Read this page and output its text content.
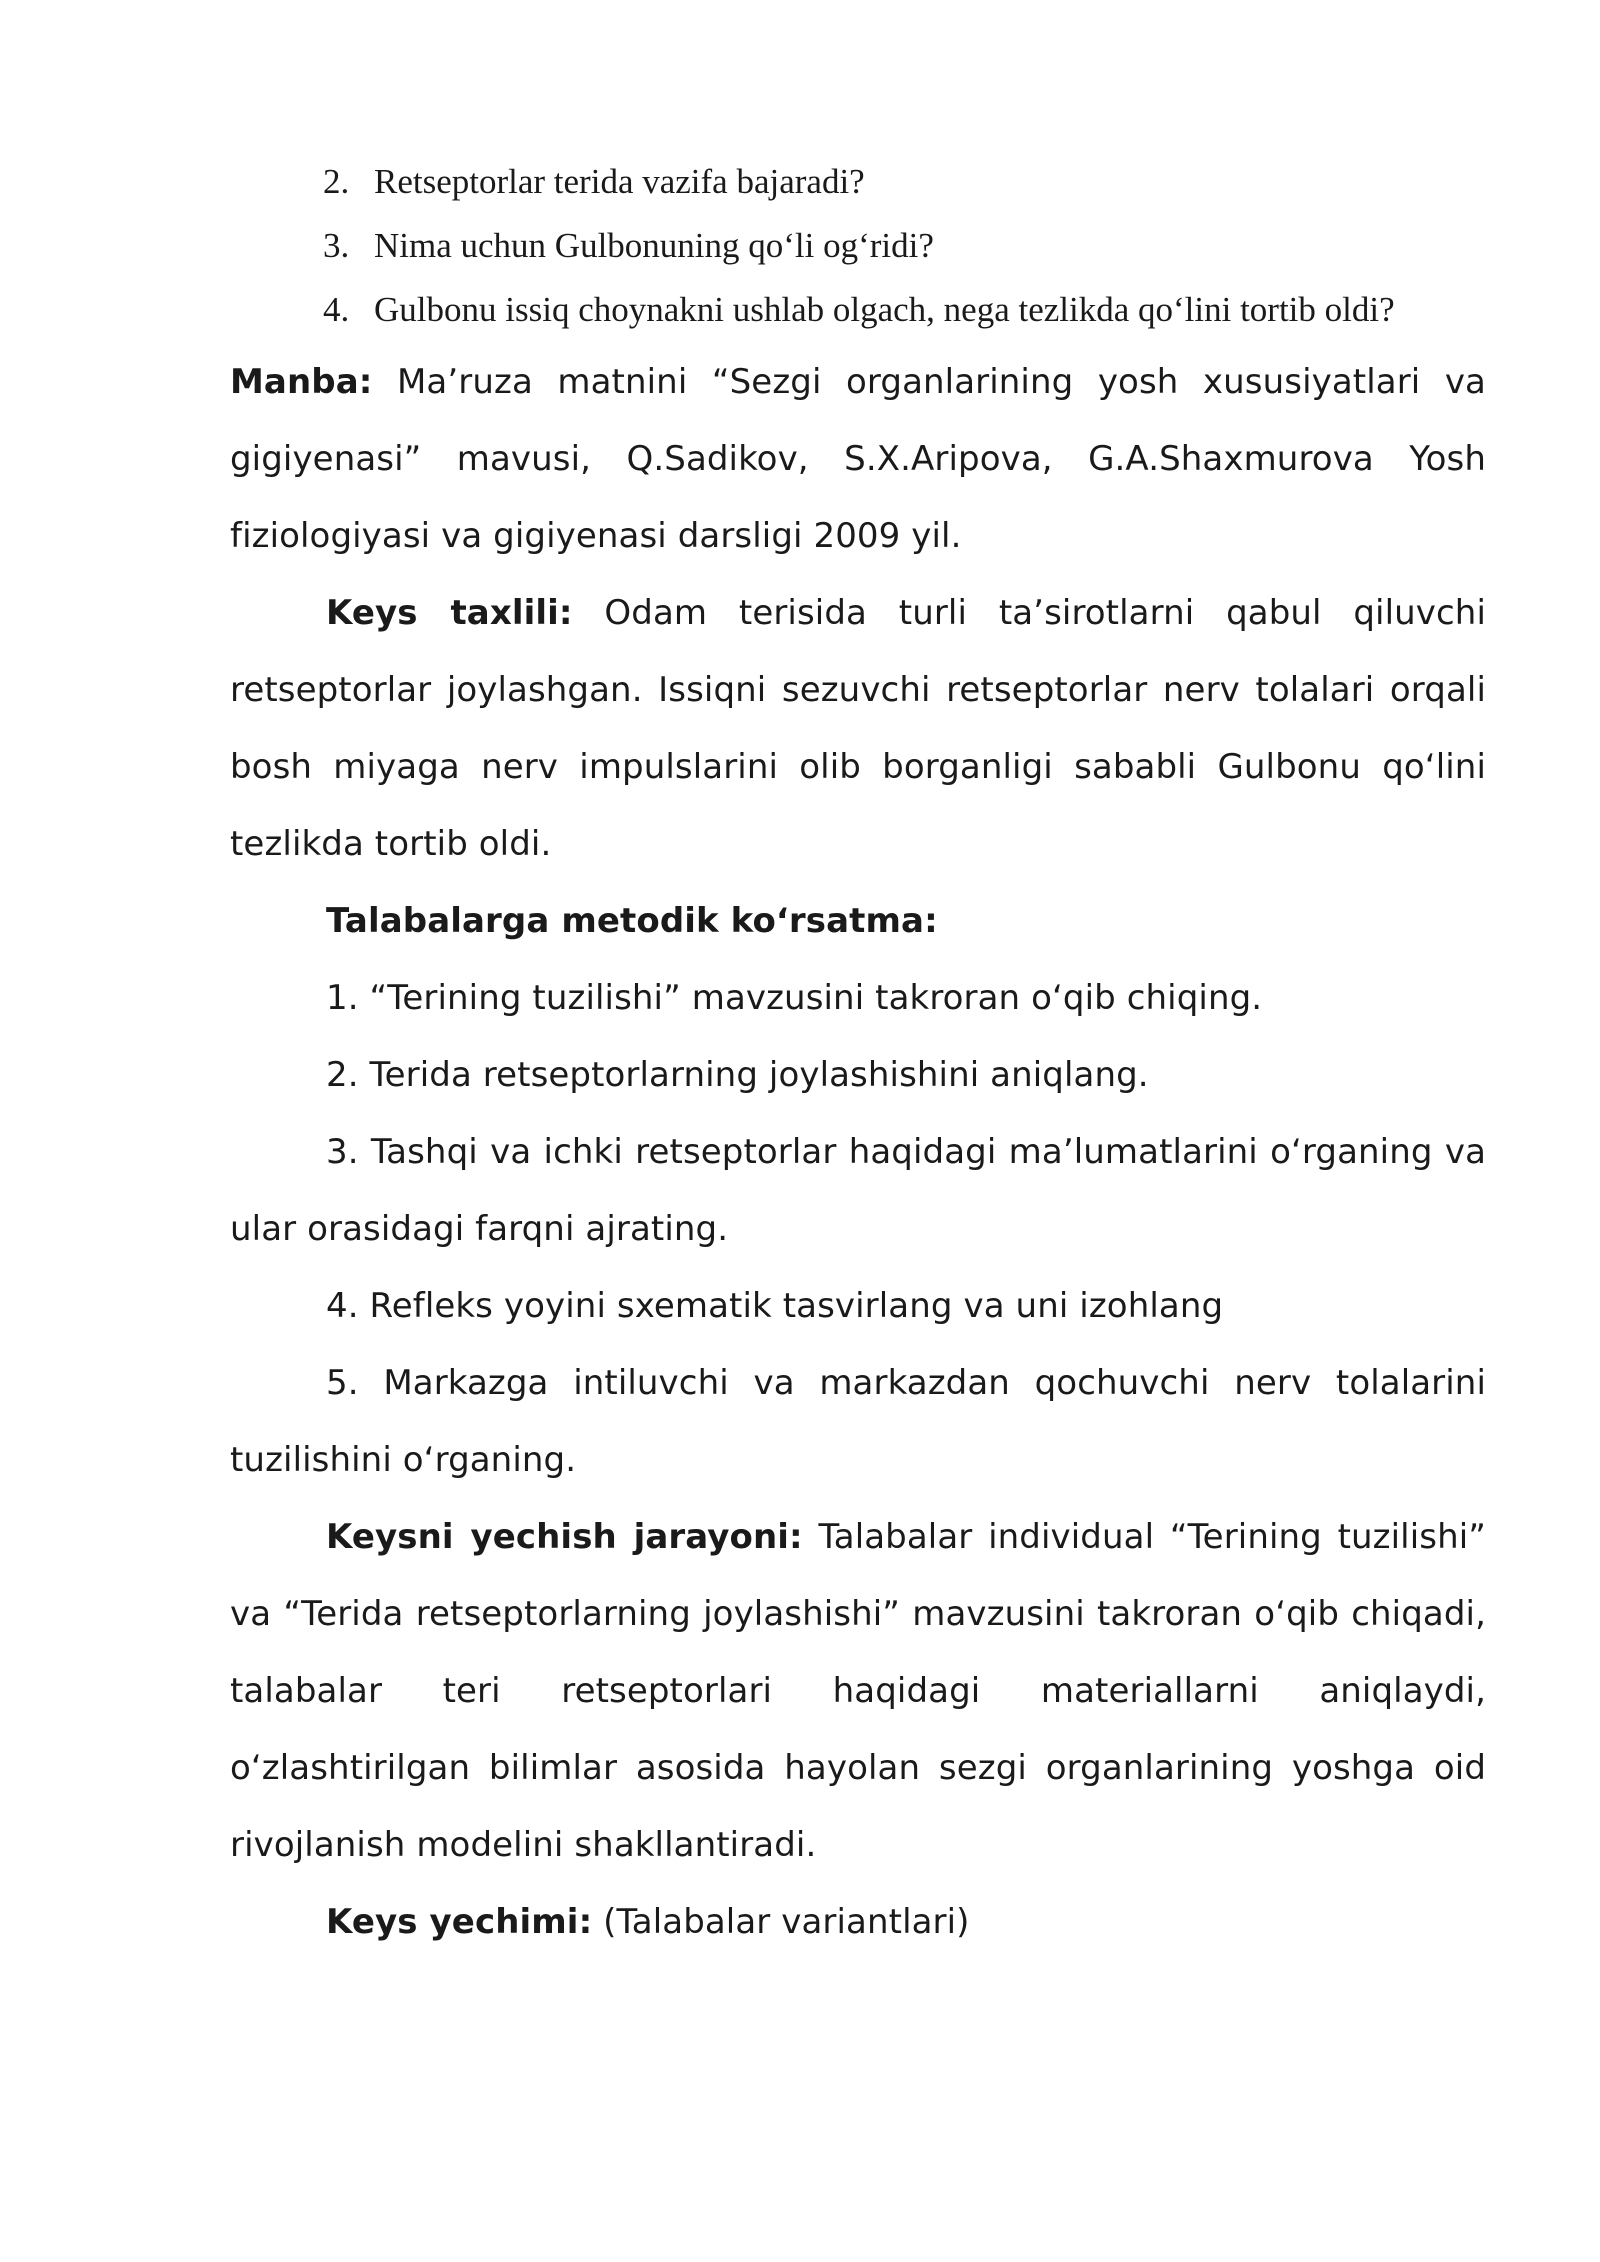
2. Retseptorlar terida vazifa bajaradi?
3. Nima uchun Gulbonuning qo‘li og‘ridi?
4. Gulbonu issiq choynakni ushlab olgach, nega tezlikda qo‘lini tortib oldi?

Manba: Ma’ruza matnini “Sezgi organlarining yosh xususiyatlari va gigiyenasi” mavusi, Q.Sadikov, S.X.Aripova, G.A.Shaxmurova Yosh fiziologiyasi va gigiyenasi darsligi 2009 yil.

Keys taxlili: Odam terisida turli ta’sirotlarni qabul qiluvchi retseptorlar joylashgan. Issiqni sezuvchi retseptorlar nerv tolalari orqali bosh miyaga nerv impulslarini olib borganligi sababli Gulbonu qo‘lini tezlikda tortib oldi.

Talabalarga metodik ko‘rsatma:

1. “Terining tuzilishi” mavzusini takroran o‘qib chiqing.

2. Terida retseptorlarning joylashishini aniqlang.

3. Tashqi va ichki retseptorlar haqidagi ma’lumatlarini o‘rganing va ular orasidagi farqni ajrating.

4. Refleks yoyini sxematik tasvirlang va uni izohlang

5. Markazga intiluvchi va markazdan qochuvchi nerv tolalarini tuzilishini o‘rganing.

Keysni yechish jarayoni: Talabalar individual “Terining tuzilishi” va “Terida retseptorlarning joylashishi” mavzusini takroran o‘qib chiqadi, talabalar teri retseptorlari haqidagi materiallarni aniqlaydi, o‘zlashtirilgan bilimlar asosida hayolan sezgi organlarining yoshga oid rivojlanish modelini shakllantiradi.

Keys yechimi: (Talabalar variantlari)
